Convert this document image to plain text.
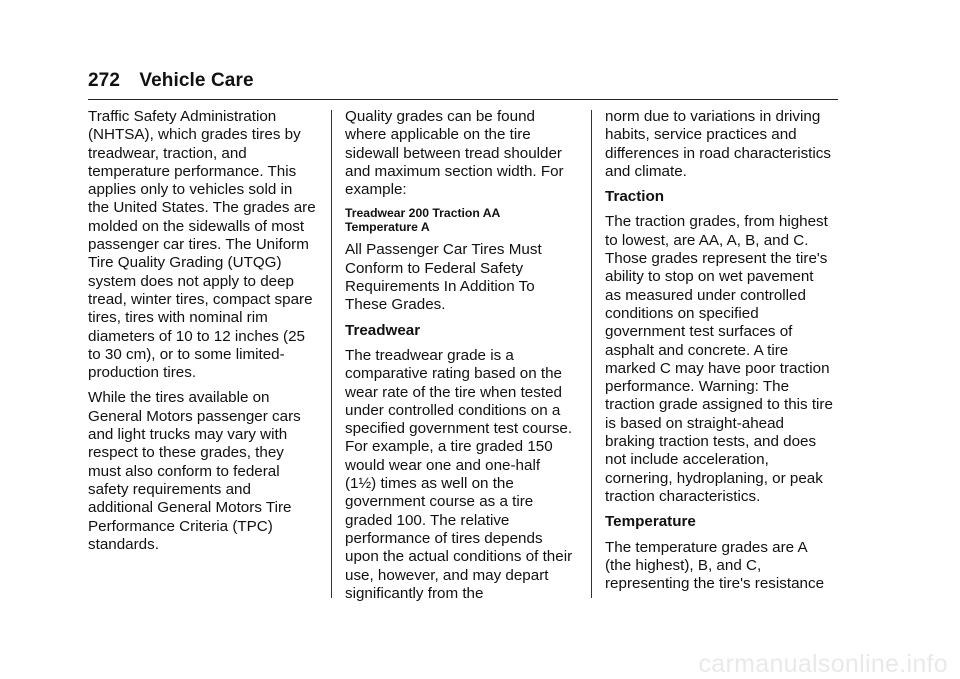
272 Vehicle Care

Traffic Safety Administration (NHTSA), which grades tires by treadwear, traction, and temperature performance. This applies only to vehicles sold in the United States. The grades are molded on the sidewalls of most passenger car tires. The Uniform Tire Quality Grading (UTQG) system does not apply to deep tread, winter tires, compact spare tires, tires with nominal rim diameters of 10 to 12 inches (25 to 30 cm), or to some limited-production tires.

While the tires available on General Motors passenger cars and light trucks may vary with respect to these grades, they must also conform to federal safety requirements and additional General Motors Tire Performance Criteria (TPC) standards.

Quality grades can be found where applicable on the tire sidewall between tread shoulder and maximum section width. For example:

Treadwear 200 Traction AA Temperature A

All Passenger Car Tires Must Conform to Federal Safety Requirements In Addition To These Grades.

Treadwear

The treadwear grade is a comparative rating based on the wear rate of the tire when tested under controlled conditions on a specified government test course. For example, a tire graded 150 would wear one and one-half (1½) times as well on the government course as a tire graded 100. The relative performance of tires depends upon the actual conditions of their use, however, and may depart significantly from the

norm due to variations in driving habits, service practices and differences in road characteristics and climate.

Traction

The traction grades, from highest to lowest, are AA, A, B, and C. Those grades represent the tire's ability to stop on wet pavement as measured under controlled conditions on specified government test surfaces of asphalt and concrete. A tire marked C may have poor traction performance. Warning: The traction grade assigned to this tire is based on straight-ahead braking traction tests, and does not include acceleration, cornering, hydroplaning, or peak traction characteristics.

Temperature

The temperature grades are A (the highest), B, and C, representing the tire's resistance

carmanualsonline.info
